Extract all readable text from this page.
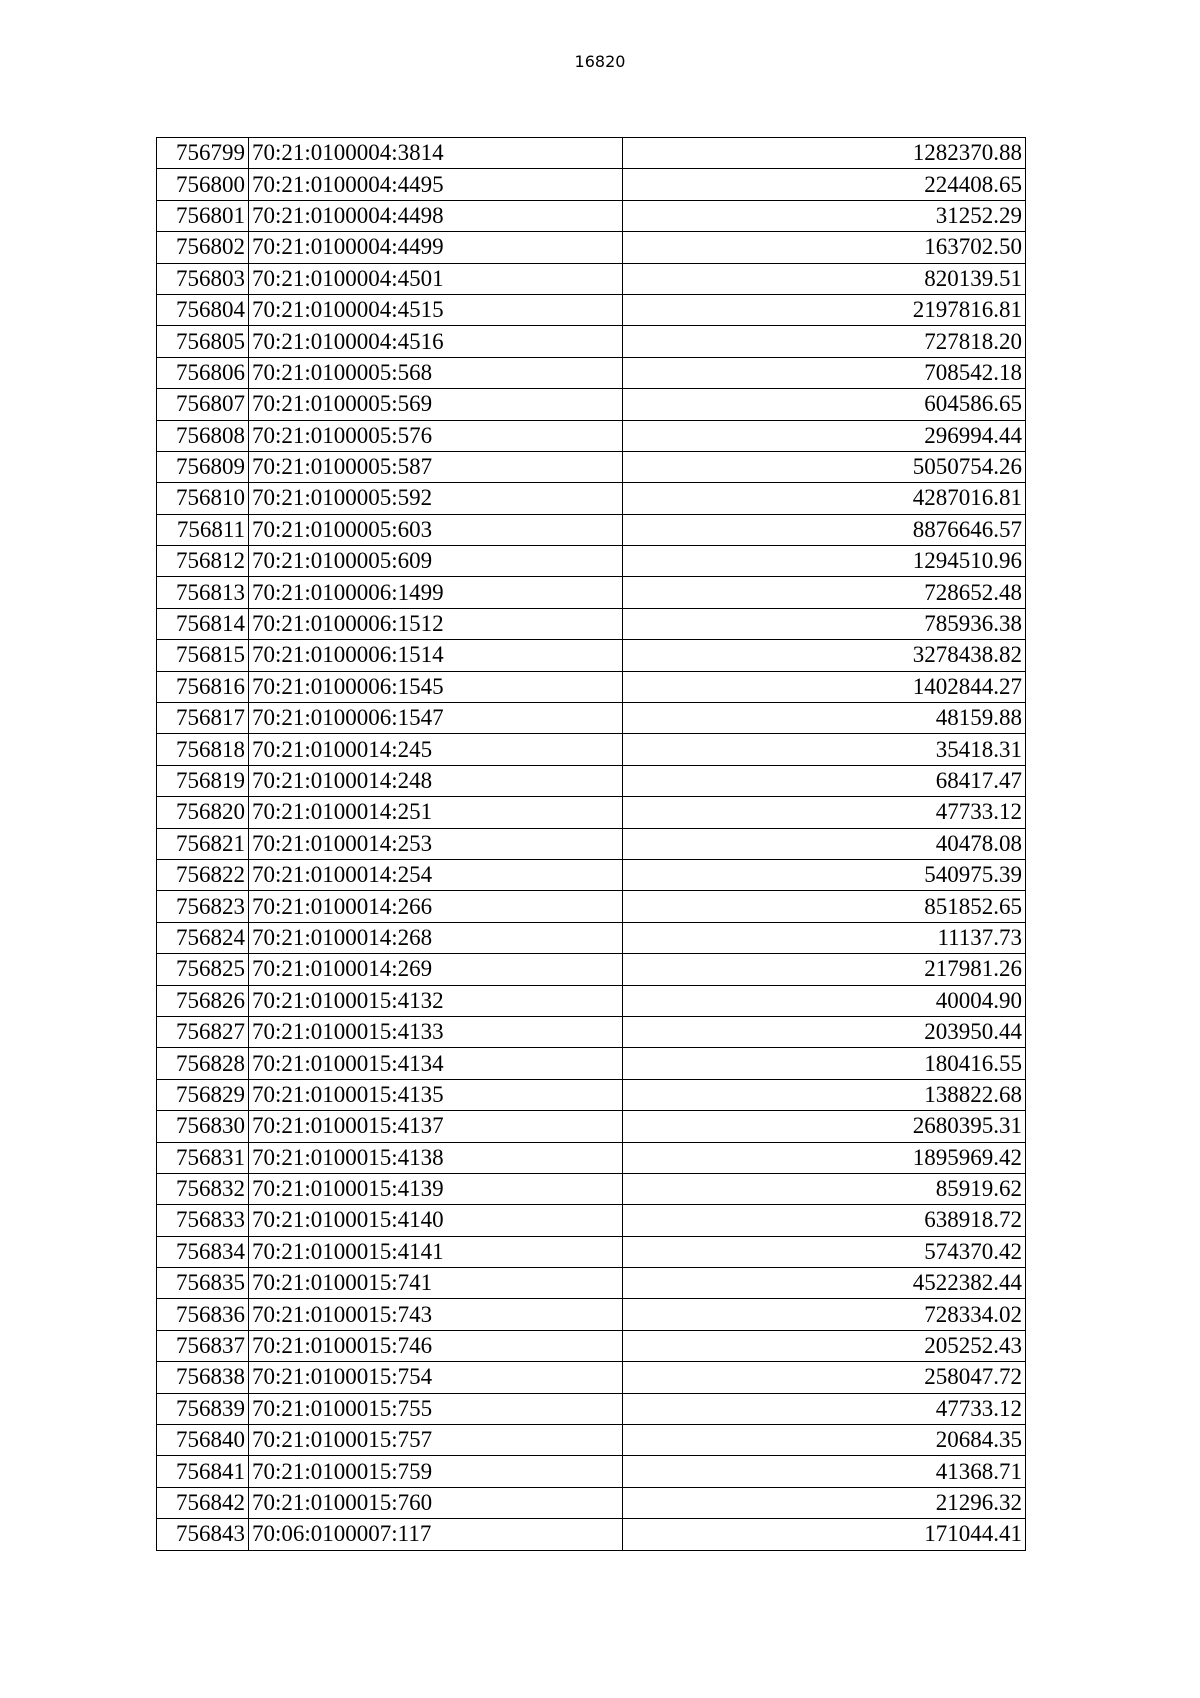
16820
756799	70:21:0100004:3814	1282370.88
756800	70:21:0100004:4495	224408.65
756801	70:21:0100004:4498	31252.29
756802	70:21:0100004:4499	163702.50
756803	70:21:0100004:4501	820139.51
756804	70:21:0100004:4515	2197816.81
756805	70:21:0100004:4516	727818.20
756806	70:21:0100005:568	708542.18
756807	70:21:0100005:569	604586.65
756808	70:21:0100005:576	296994.44
756809	70:21:0100005:587	5050754.26
756810	70:21:0100005:592	4287016.81
756811	70:21:0100005:603	8876646.57
756812	70:21:0100005:609	1294510.96
756813	70:21:0100006:1499	728652.48
756814	70:21:0100006:1512	785936.38
756815	70:21:0100006:1514	3278438.82
756816	70:21:0100006:1545	1402844.27
756817	70:21:0100006:1547	48159.88
756818	70:21:0100014:245	35418.31
756819	70:21:0100014:248	68417.47
756820	70:21:0100014:251	47733.12
756821	70:21:0100014:253	40478.08
756822	70:21:0100014:254	540975.39
756823	70:21:0100014:266	851852.65
756824	70:21:0100014:268	11137.73
756825	70:21:0100014:269	217981.26
756826	70:21:0100015:4132	40004.90
756827	70:21:0100015:4133	203950.44
756828	70:21:0100015:4134	180416.55
756829	70:21:0100015:4135	138822.68
756830	70:21:0100015:4137	2680395.31
756831	70:21:0100015:4138	1895969.42
756832	70:21:0100015:4139	85919.62
756833	70:21:0100015:4140	638918.72
756834	70:21:0100015:4141	574370.42
756835	70:21:0100015:741	4522382.44
756836	70:21:0100015:743	728334.02
756837	70:21:0100015:746	205252.43
756838	70:21:0100015:754	258047.72
756839	70:21:0100015:755	47733.12
756840	70:21:0100015:757	20684.35
756841	70:21:0100015:759	41368.71
756842	70:21:0100015:760	21296.32
756843	70:06:0100007:117	171044.41
